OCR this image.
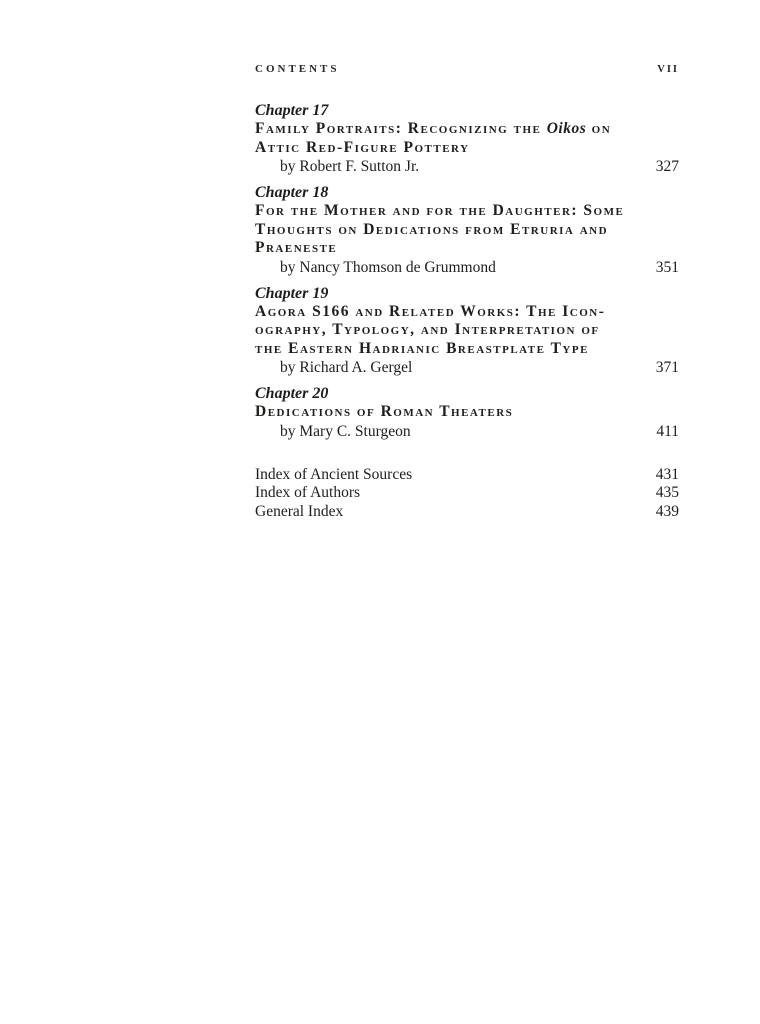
CONTENTS	VII
Chapter 17
Family Portraits: Recognizing the Oikos on
Attic Red-Figure Pottery
by Robert F. Sutton Jr.	327
Chapter 18
For the Mother and for the Daughter: Some
Thoughts on Dedications from Etruria and
Praeneste
by Nancy Thomson de Grummond	351
Chapter 19
Agora S166 and Related Works: The Icon-
ography, Typology, and Interpretation of
the Eastern Hadrianic Breastplate Type
by Richard A. Gergel	371
Chapter 20
Dedications of Roman Theaters
by Mary C. Sturgeon	411
Index of Ancient Sources	431
Index of Authors	435
General Index	439
